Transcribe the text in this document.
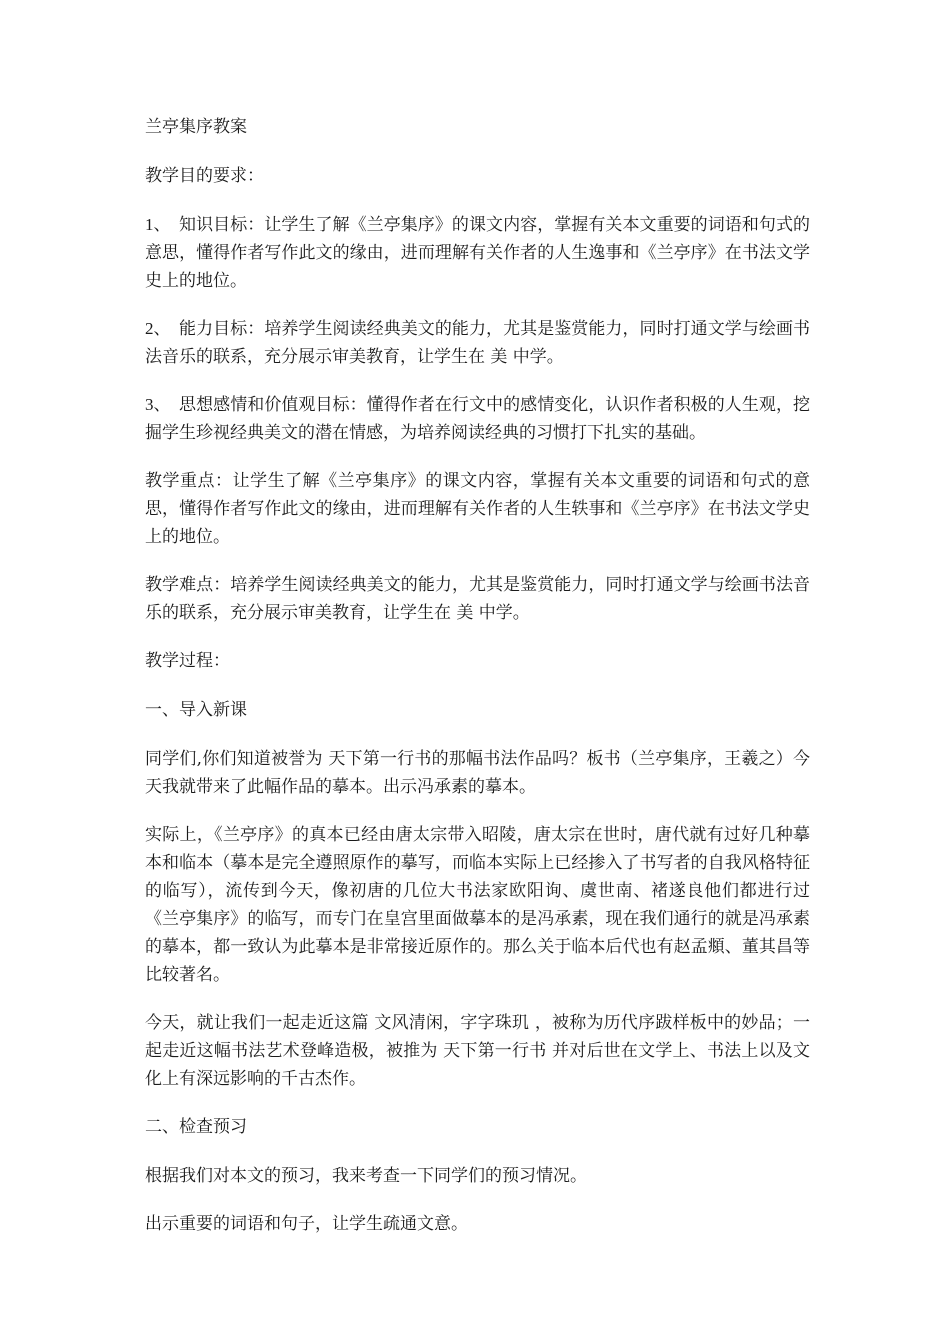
兰亭集序教案

教学目的要求：

1、 知识目标：让学生了解《兰亭集序》的课文内容，掌握有关本文重要的词语和句式的意思，懂得作者写作此文的缘由，进而理解有关作者的人生逸事和《兰亭序》在书法文学史上的地位。

2、 能力目标：培养学生阅读经典美文的能力，尤其是鉴赏能力，同时打通文学与绘画书法音乐的联系，充分展示审美教育，让学生在 美 中学。

3、 思想感情和价值观目标：懂得作者在行文中的感情变化，认识作者积极的人生观，挖掘学生珍视经典美文的潜在情感，为培养阅读经典的习惯打下扎实的基础。

教学重点：让学生了解《兰亭集序》的课文内容，掌握有关本文重要的词语和句式的意思，懂得作者写作此文的缘由，进而理解有关作者的人生轶事和《兰亭序》在书法文学史上的地位。

教学难点：培养学生阅读经典美文的能力，尤其是鉴赏能力，同时打通文学与绘画书法音乐的联系，充分展示审美教育，让学生在 美 中学。

教学过程：

一、导入新课

同学们,你们知道被誉为 天下第一行书的那幅书法作品吗？板书（兰亭集序，王羲之）今天我就带来了此幅作品的摹本。出示冯承素的摹本。

实际上，《兰亭序》的真本已经由唐太宗带入昭陵，唐太宗在世时，唐代就有过好几种摹本和临本（摹本是完全遵照原作的摹写，而临本实际上已经掺入了书写者的自我风格特征的临写），流传到今天，像初唐的几位大书法家欧阳询、虞世南、褚遂良他们都进行过《兰亭集序》的临写，而专门在皇宫里面做摹本的是冯承素，现在我们通行的就是冯承素的摹本，都一致认为此摹本是非常接近原作的。那么关于临本后代也有赵孟頫、董其昌等比较著名。

今天，就让我们一起走近这篇 文风清闲，字字珠玑 ，被称为历代序跋样板中的妙品；一起走近这幅书法艺术登峰造极，被推为 天下第一行书 并对后世在文学上、书法上以及文化上有深远影响的千古杰作。

二、检查预习

根据我们对本文的预习，我来考查一下同学们的预习情况。

出示重要的词语和句子，让学生疏通文意。
